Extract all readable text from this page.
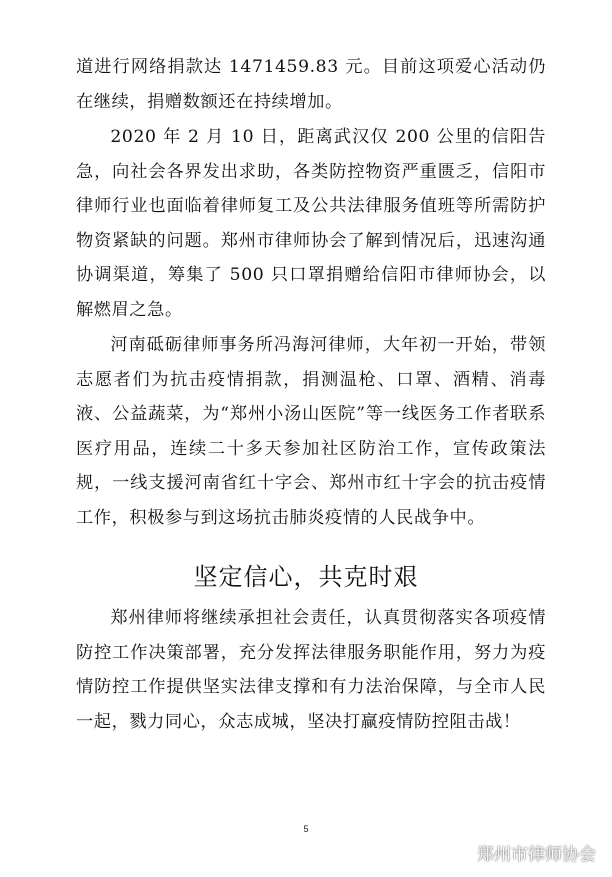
道进行网络捐款达 1471459.83 元。目前这项爱心活动仍在继续，捐赠数额还在持续增加。

2020 年 2 月 10 日，距离武汉仅 200 公里的信阳告急，向社会各界发出求助，各类防控物资严重匮乏，信阳市律师行业也面临着律师复工及公共法律服务值班等所需防护物资紧缺的问题。郑州市律师协会了解到情况后，迅速沟通协调渠道，筹集了 500 只口罩捐赠给信阳市律师协会，以解燃眉之急。

河南砥砺律师事务所冯海河律师，大年初一开始，带领志愿者们为抗击疫情捐款，捐测温枪、口罩、酒精、消毒液、公益蔬菜，为“郑州小汤山医院”等一线医务工作者联系医疗用品，连续二十多天参加社区防治工作，宣传政策法规，一线支援河南省红十字会、郑州市红十字会的抗击疫情工作，积极参与到这场抗击肺炎疫情的人民战争中。

坚定信心，共克时艰

郑州律师将继续承担社会责任，认真贯彻落实各项疫情防控工作决策部署，充分发挥法律服务职能作用，努力为疫情防控工作提供坚实法律支撑和有力法治保障，与全市人民一起，戮力同心，众志成城，坚决打赢疫情防控阻击战！

5
郑州市律师协会
